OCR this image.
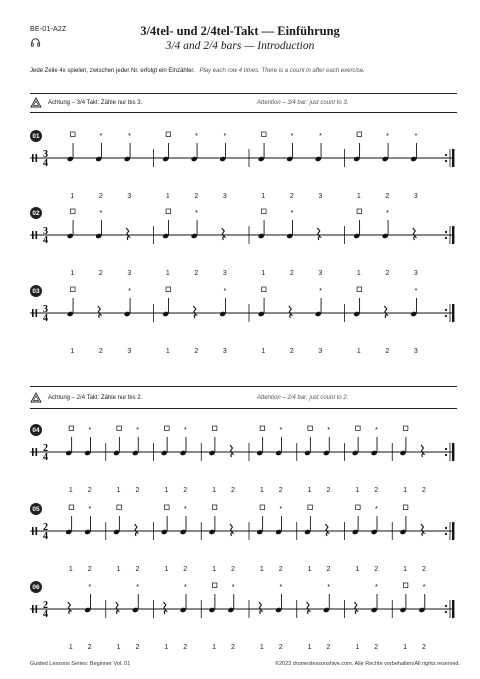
BE-01-A2Z	3/4tel- und 2/4tel-Takt — Einführung
3/4 and 2/4 bars — Introduction
Jede Zeile 4x spielen, zwischen jeder Nr. erfolgt ein Einzähler. Play each row 4 times. There is a count in after each exercise.
Achtung – 3/4 Takt: Zähle nur bis 3.	Attention – 3/4 bar: just count to 3.
Achtung – 2/4 Takt: Zähle nur bis 2.	Attention – 2/4 bar: just count to 2.
01
3
4
*	*	*	*	*	*	*	*
1	2	3	1	2	3	1	2	3	1	2	3
02
3
4
*	*	*	*
1	2	3	1	2	3	1	2	3	1	2	3
03
3
4
*	*	*	*
1	2	3	1	2	3	1	2	3	1	2	3
04
2
4
*	*	*	*	*	*
1	2	1	2	1	2	1	2	1	2	1	2	1	2	1	2
05
2
4
*	*	*	*
1	2	1	2	1	2	1	2	1	2	1	2	1	2	1	2
06
2
4
*	*	*	*	*	*	*	*
1	2	1	2	1	2	1	2	1	2	1	2	1	2	1	2
Guided Lessons Series: Beginner Vol. 01	©2023 drumeslessonshive.com. Alle Rechte vorbehalten/All rights reserved.
